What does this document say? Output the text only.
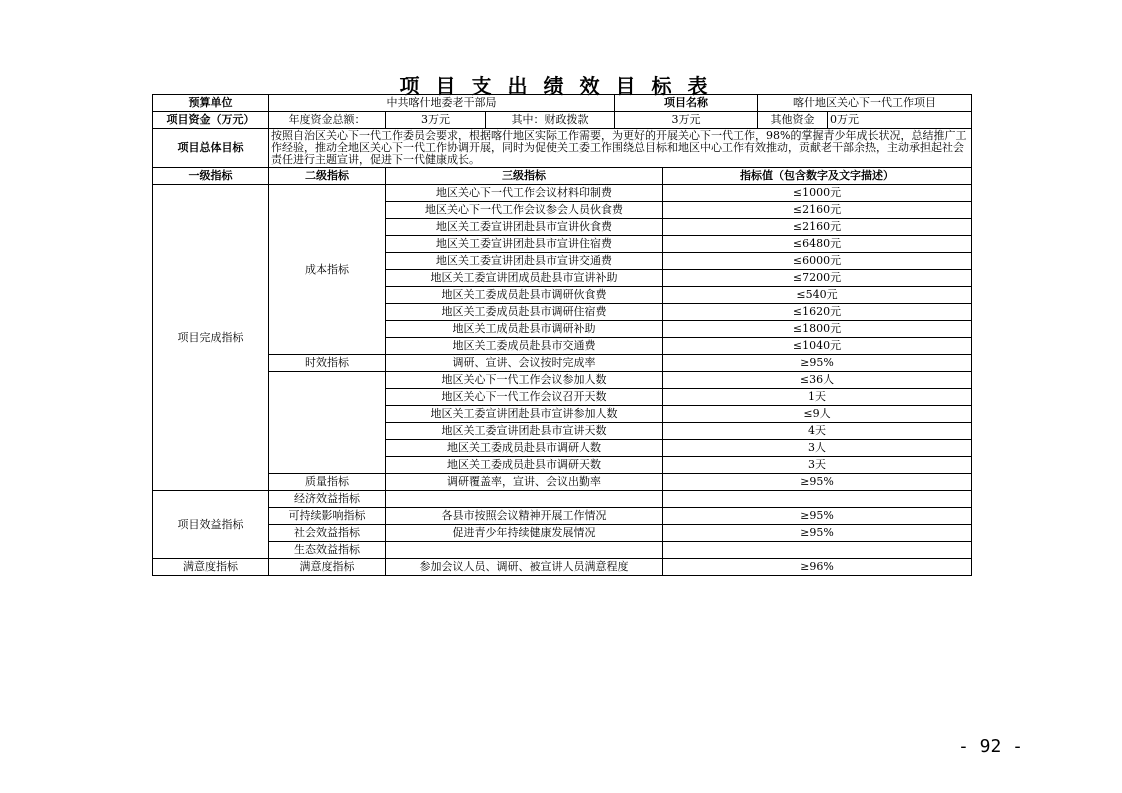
项目支出绩效目标表
预算单位	中共喀什地委老干部局			项目名称		喀什地区关心下一代工作项目	
项目资金（万元）	年度资金总额：	3万元	其中：财政拨款	3万元		其他资金	0万元
项目总体目标	按照自治区关心下一代工作委员会要求，根据喀什地区实际工作需要，为更好的开展关心下一代工作，98%的掌握青少年成长状况，总结推广工作经验，推动全地区关心下一代工作协调开展，同时为促使关工委工作围绕总目标和地区中心工作有效推动，贡献老干部余热，主动承担起社会责任进行主题宣讲，促进下一代健康成长。						
一级指标	二级指标	三级指标			指标值（包含数字及文字描述）		
项目完成指标	成本指标	地区关心下一代工作会议材料印制费			≤1000元		
		地区关心下一代工作会议参会人员伙食费			≤2160元		
		地区关工委宣讲团赴县市宣讲伙食费			≤2160元		
		地区关工委宣讲团赴县市宣讲住宿费			≤6480元		
		地区关工委宣讲团赴县市宣讲交通费			≤6000元		
		地区关工委宣讲团成员赴县市宣讲补助			≤7200元		
		地区关工委成员赴县市调研伙食费			≤540元		
		地区关工委成员赴县市调研住宿费			≤1620元		
		地区关工成员赴县市调研补助			≤1800元		
		地区关工委成员赴县市交通费			≤1040元		
	时效指标	调研、宣讲、会议按时完成率			≥95%		
		地区关心下一代工作会议参加人数			≤36人		
		地区关心下一代工作会议召开天数			1天		
		地区关工委宣讲团赴县市宣讲参加人数			≤9人		
		地区关工委宣讲团赴县市宣讲天数			4天		
		地区关工委成员赴县市调研人数			3人		
		地区关工委成员赴县市调研天数			3天		
	质量指标	调研覆盖率，宣讲、会议出勤率			≥95%		
项目效益指标	经济效益指标						
	可持续影响指标	各县市按照会议精神开展工作情况			≥95%		
	社会效益指标	促进青少年持续健康发展情况			≥95%		
	生态效益指标						
满意度指标	满意度指标	参加会议人员、调研、被宣讲人员满意程度			≥96%		
- 92 -
